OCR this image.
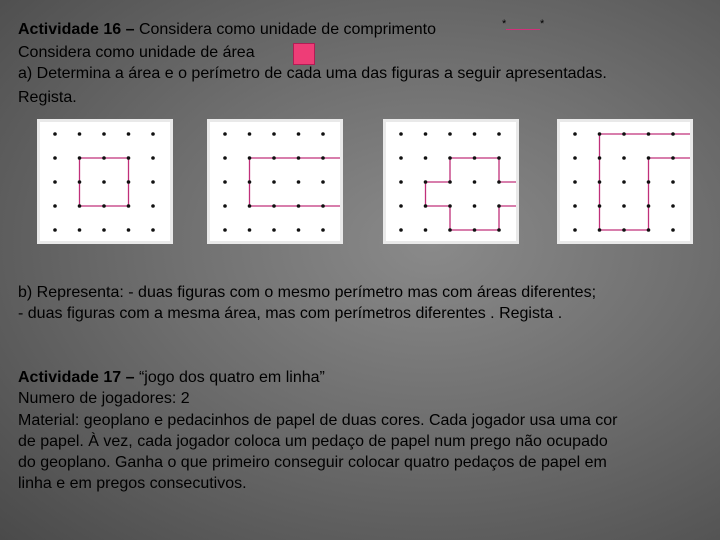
Actividade 16 – Considera como unidade de comprimento	*	*
Considera como unidade de área
a) Determina a área e o perímetro de cada uma das figuras a seguir apresentadas.
Regista.
b) Representa: - duas figuras com o mesmo perímetro mas com áreas diferentes;
- duas figuras com a mesma área, mas com perímetros diferentes . Regista .
Actividade 17 – “jogo dos quatro em linha”
Numero de jogadores: 2
Material: geoplano e pedacinhos de papel de duas cores. Cada jogador usa uma cor
de papel. À vez, cada jogador coloca um pedaço de papel num prego não ocupado
do geoplano. Ganha o que primeiro conseguir colocar quatro pedaços de papel em
linha e em pregos consecutivos.
